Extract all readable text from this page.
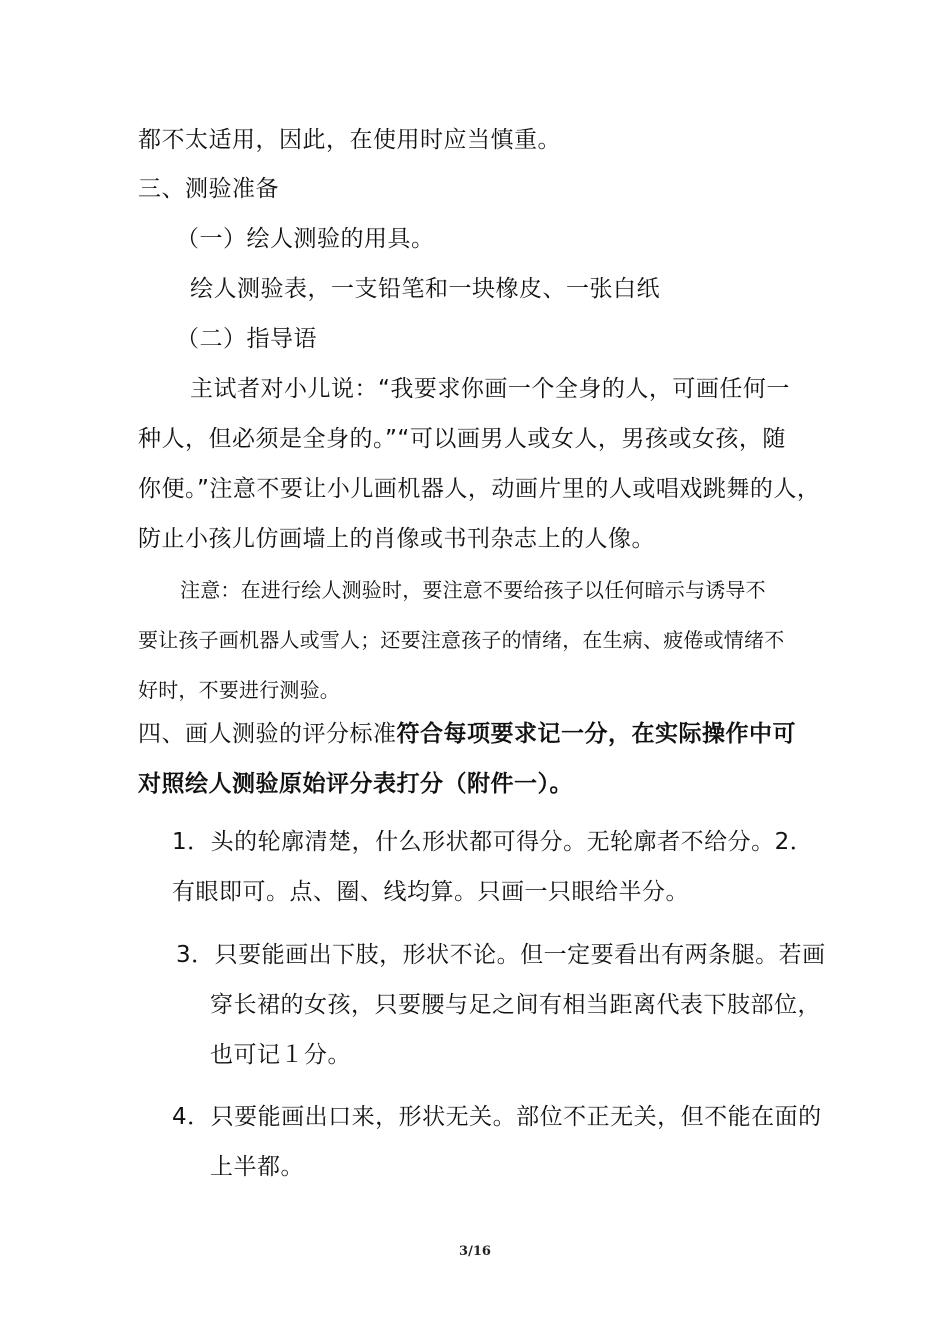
都不太适用，因此，在使用时应当慎重。
三、测验准备
（一）绘人测验的用具。
绘人测验表，一支铅笔和一块橡皮、一张白纸
（二）指导语
主试者对小儿说：“我要求你画一个全身的人，可画任何一
种人，但必须是全身的。”“可以画男人或女人，男孩或女孩，随
你便。”注意不要让小儿画机器人，动画片里的人或唱戏跳舞的人，
防止小孩儿仿画墙上的肖像或书刊杂志上的人像。
注意：在进行绘人测验时，要注意不要给孩子以任何暗示与诱导不
要让孩子画机器人或雪人；还要注意孩子的情绪，在生病、疲倦或情绪不
好时，不要进行测验。
四、画人测验的评分标准符合每项要求记一分，在实际操作中可
对照绘人测验原始评分表打分（附件一）。
1．头的轮廓清楚，什么形状都可得分。无轮廓者不给分。2．
有眼即可。点、圈、线均算。只画一只眼给半分。
3．只要能画出下肢，形状不论。但一定要看出有两条腿。若画
穿长裙的女孩，只要腰与足之间有相当距离代表下肢部位，
也可记１分。
4．只要能画出口来，形状无关。部位不正无关，但不能在面的
上半都。
3/16
